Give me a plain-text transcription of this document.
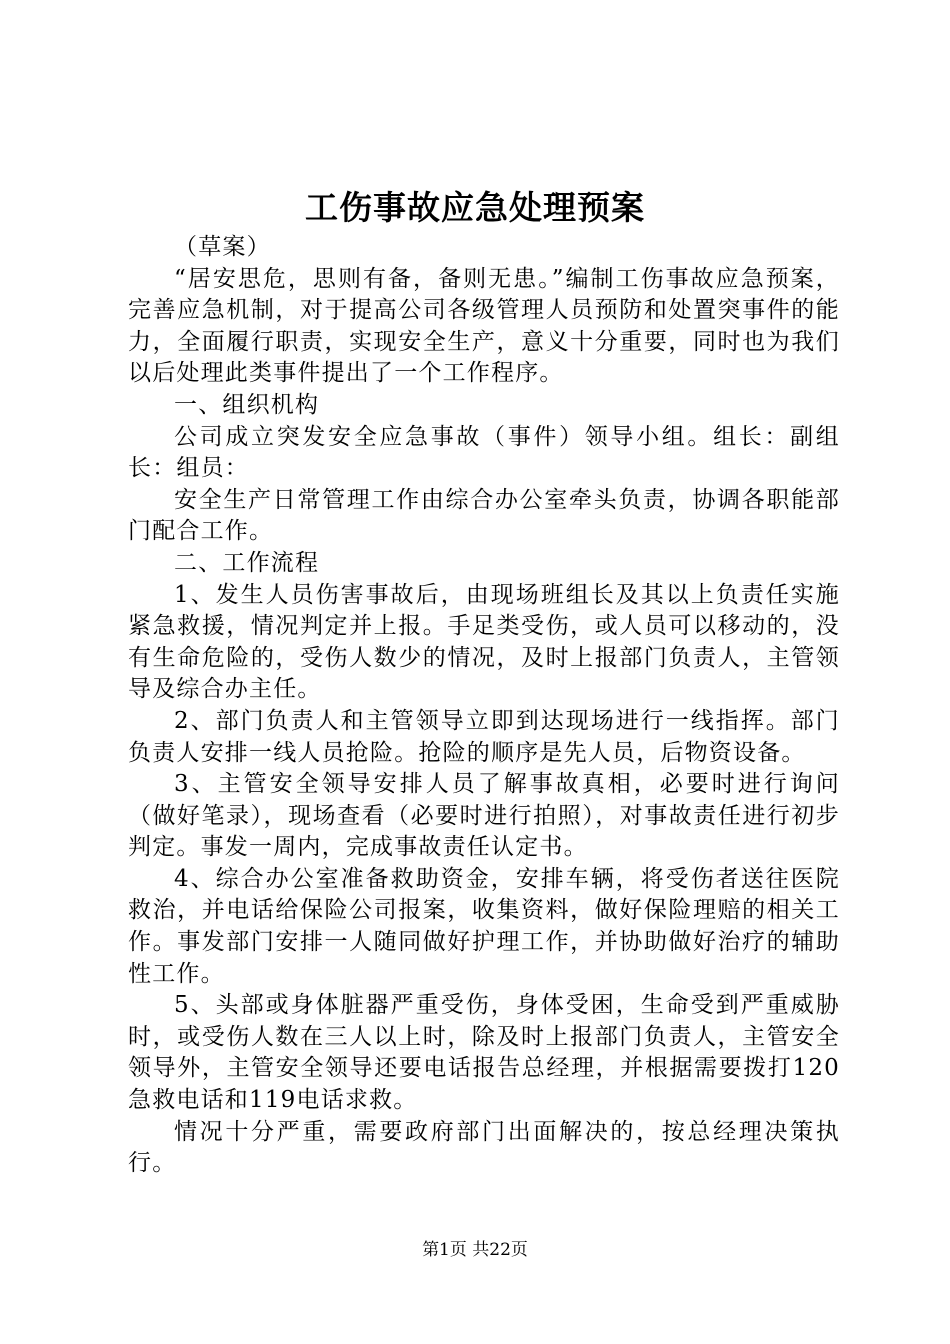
工伤事故应急处理预案

（草案）

“居安思危，思则有备，备则无患。”编制工伤事故应急预案，完善应急机制，对于提高公司各级管理人员预防和处置突事件的能力，全面履行职责，实现安全生产，意义十分重要，同时也为我们以后处理此类事件提出了一个工作程序。

一、组织机构

公司成立突发安全应急事故（事件）领导小组。组长：副组长：组员：

安全生产日常管理工作由综合办公室牵头负责，协调各职能部门配合工作。

二、工作流程

1、发生人员伤害事故后，由现场班组长及其以上负责任实施紧急救援，情况判定并上报。手足类受伤，或人员可以移动的，没有生命危险的，受伤人数少的情况，及时上报部门负责人，主管领导及综合办主任。

2、部门负责人和主管领导立即到达现场进行一线指挥。部门负责人安排一线人员抢险。抢险的顺序是先人员，后物资设备。

3、主管安全领导安排人员了解事故真相，必要时进行询问（做好笔录），现场查看（必要时进行拍照），对事故责任进行初步判定。事发一周内，完成事故责任认定书。

4、综合办公室准备救助资金，安排车辆，将受伤者送往医院救治，并电话给保险公司报案，收集资料，做好保险理赔的相关工作。事发部门安排一人随同做好护理工作，并协助做好治疗的辅助性工作。

5、头部或身体脏器严重受伤，身体受困，生命受到严重威胁时，或受伤人数在三人以上时，除及时上报部门负责人，主管安全领导外，主管安全领导还要电话报告总经理，并根据需要拨打120急救电话和119电话求救。

情况十分严重，需要政府部门出面解决的，按总经理决策执行。

第1页 共22页
